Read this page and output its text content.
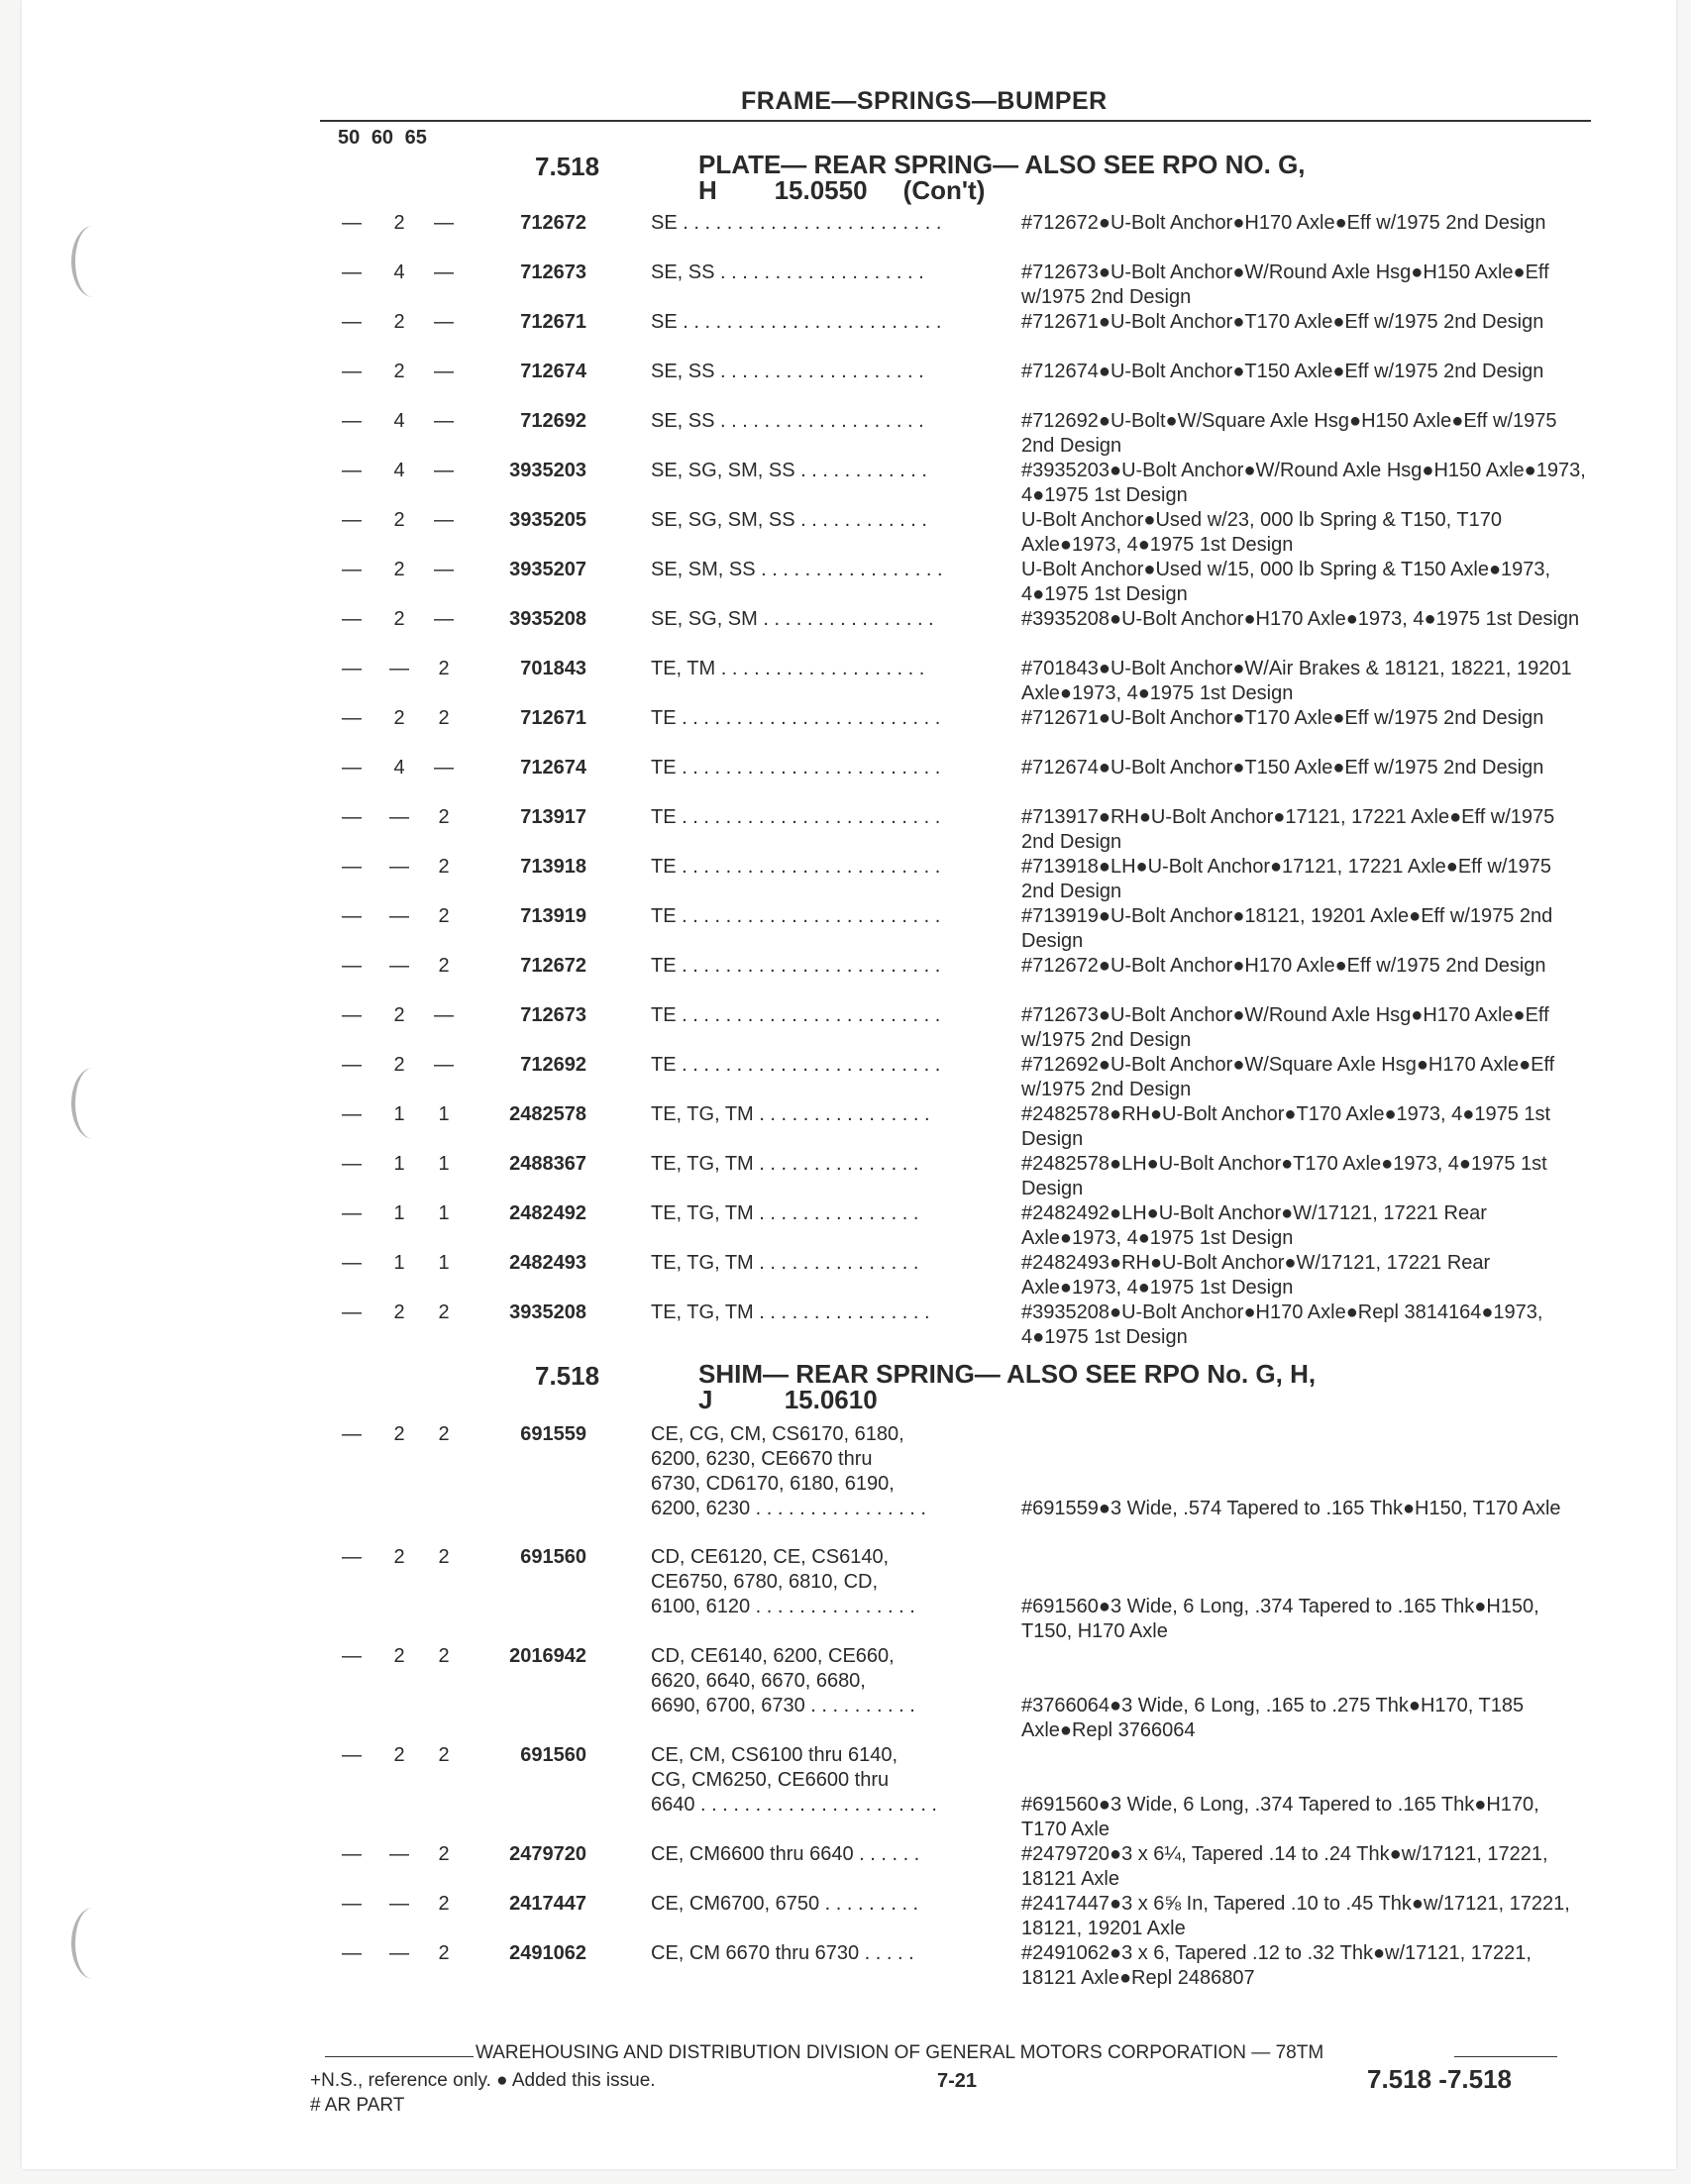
FRAME—SPRINGS—BUMPER
50 60 65
7.518	PLATE— REAR SPRING— ALSO SEE RPO NO. G,
H        15.0550     (Con't)
—	2	—	712672	SE . . . . . . . . . . . . . . . . . . . . . . . .	#712672●U-Bolt Anchor●H170 Axle●Eff w/1975 2nd Design
—	4	—	712673	SE, SS . . . . . . . . . . . . . . . . . . .	#712673●U-Bolt Anchor●W/Round Axle Hsg●H150 Axle●Eff w/1975 2nd Design
—	2	—	712671	SE . . . . . . . . . . . . . . . . . . . . . . . .	#712671●U-Bolt Anchor●T170 Axle●Eff w/1975 2nd Design
—	2	—	712674	SE, SS . . . . . . . . . . . . . . . . . . .	#712674●U-Bolt Anchor●T150 Axle●Eff w/1975 2nd Design
—	4	—	712692	SE, SS . . . . . . . . . . . . . . . . . . .	#712692●U-Bolt●W/Square Axle Hsg●H150 Axle●Eff w/1975 2nd Design
—	4	—	3935203	SE, SG, SM, SS . . . . . . . . . . . .	#3935203●U-Bolt Anchor●W/Round Axle Hsg●H150 Axle●1973, 4●1975 1st Design
—	2	—	3935205	SE, SG, SM, SS . . . . . . . . . . . .	U-Bolt Anchor●Used w/23, 000 lb Spring & T150, T170 Axle●1973, 4●1975 1st Design
—	2	—	3935207	SE, SM, SS . . . . . . . . . . . . . . . . .	U-Bolt Anchor●Used w/15, 000 lb Spring & T150 Axle●1973, 4●1975 1st Design
—	2	—	3935208	SE, SG, SM . . . . . . . . . . . . . . . .	#3935208●U-Bolt Anchor●H170 Axle●1973, 4●1975 1st Design
— —	2	701843	TE, TM . . . . . . . . . . . . . . . . . . .	#701843●U-Bolt Anchor●W/Air Brakes & 18121, 18221, 19201 Axle●1973, 4●1975 1st Design
—	2	2	712671	TE . . . . . . . . . . . . . . . . . . . . . . . .	#712671●U-Bolt Anchor●T170 Axle●Eff w/1975 2nd Design
—	4	—	712674	TE . . . . . . . . . . . . . . . . . . . . . . . .	#712674●U-Bolt Anchor●T150 Axle●Eff w/1975 2nd Design
— —	2	713917	TE . . . . . . . . . . . . . . . . . . . . . . . .	#713917●RH●U-Bolt Anchor●17121, 17221 Axle●Eff w/1975 2nd Design
— —	2	713918	TE . . . . . . . . . . . . . . . . . . . . . . . .	#713918●LH●U-Bolt Anchor●17121, 17221 Axle●Eff w/1975 2nd Design
— —	2	713919	TE . . . . . . . . . . . . . . . . . . . . . . . .	#713919●U-Bolt Anchor●18121, 19201 Axle●Eff w/1975 2nd Design
— —	2	712672	TE . . . . . . . . . . . . . . . . . . . . . . . .	#712672●U-Bolt Anchor●H170 Axle●Eff w/1975 2nd Design
—	2	—	712673	TE . . . . . . . . . . . . . . . . . . . . . . . .	#712673●U-Bolt Anchor●W/Round Axle Hsg●H170 Axle●Eff w/1975 2nd Design
—	2	—	712692	TE . . . . . . . . . . . . . . . . . . . . . . . .	#712692●U-Bolt Anchor●W/Square Axle Hsg●H170 Axle●Eff w/1975 2nd Design
—	1	1	2482578	TE, TG, TM . . . . . . . . . . . . . . . .	#2482578●RH●U-Bolt Anchor●T170 Axle●1973, 4●1975 1st Design
—	1	1	2488367	TE, TG, TM . . . . . . . . . . . . . . .	#2482578●LH●U-Bolt Anchor●T170 Axle●1973, 4●1975 1st Design
—	1	1	2482492	TE, TG, TM . . . . . . . . . . . . . . .	#2482492●LH●U-Bolt Anchor●W/17121, 17221 Rear Axle●1973, 4●1975 1st Design
—	1	1	2482493	TE, TG, TM . . . . . . . . . . . . . . .	#2482493●RH●U-Bolt Anchor●W/17121, 17221 Rear Axle●1973, 4●1975 1st Design
—	2	2	3935208	TE, TG, TM . . . . . . . . . . . . . . . .	#3935208●U-Bolt Anchor●H170 Axle●Repl 3814164●1973, 4●1975 1st Design
7.518	SHIM— REAR SPRING— ALSO SEE RPO No. G, H,
J          15.0610
—	2	2	691559	CE, CG, CM, CS6170, 6180,
6200, 6230, CE6670 thru
6730, CD6170, 6180, 6190,
6200, 6230 . . . . . . . . . . . . . . . .	#691559●3 Wide, .574 Tapered to .165 Thk●H150, T170 Axle
—	2	2	691560	CD, CE6120, CE, CS6140,
CE6750, 6780, 6810, CD,
6100, 6120 . . . . . . . . . . . . . . .	#691560●3 Wide, 6 Long, .374 Tapered to .165 Thk●H150, T150, H170 Axle
—	2	2	2016942	CD, CE6140, 6200, CE660,
6620, 6640, 6670, 6680,
6690, 6700, 6730 . . . . . . . . . .	#3766064●3 Wide, 6 Long, .165 to .275 Thk●H170, T185 Axle●Repl 3766064
—	2	2	691560	CE, CM, CS6100 thru 6140,
CG, CM6250, CE6600 thru
6640 . . . . . . . . . . . . . . . . . . . . . .	#691560●3 Wide, 6 Long, .374 Tapered to .165 Thk●H170, T170 Axle
— —	2	2479720	CE, CM6600 thru 6640 . . . . . .	#2479720●3 x 6¼, Tapered .14 to .24 Thk●w/17121, 17221, 18121 Axle
— —	2	2417447	CE, CM6700, 6750 . . . . . . . . .	#2417447●3 x 6⅝ In, Tapered .10 to .45 Thk●w/17121, 17221, 18121, 19201 Axle
— —	2	2491062	CE, CM 6670 thru 6730 . . . . .	#2491062●3 x 6, Tapered .12 to .32 Thk●w/17121, 17221, 18121 Axle●Repl 2486807
WAREHOUSING AND DISTRIBUTION DIVISION OF GENERAL MOTORS CORPORATION — 78TM
+N.S., reference only. ● Added this issue.
# AR PART
7-21	7.518 -7.518
